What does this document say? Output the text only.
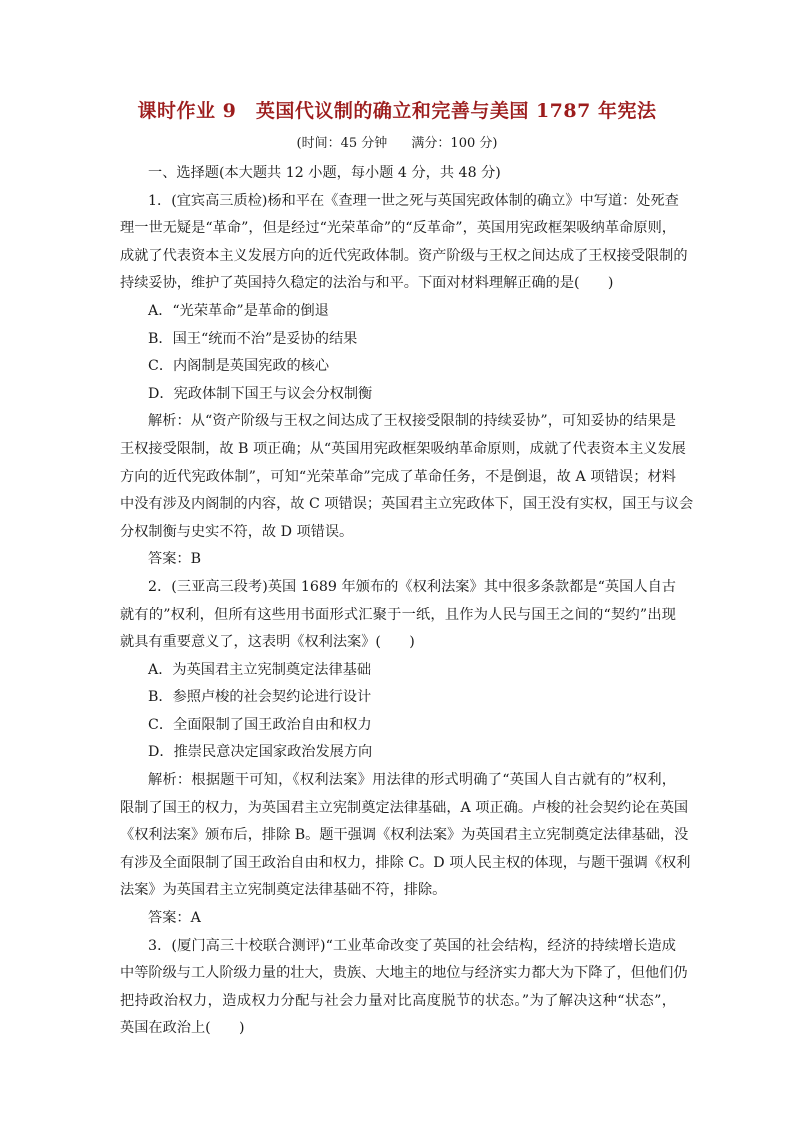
课时作业 9　英国代议制的确立和完善与美国 1787 年宪法
(时间：45 分钟 满分：100 分)

一、选择题(本大题共 12 小题，每小题 4 分，共 48 分)

1．(宜宾高三质检)杨和平在《查理一世之死与英国宪政体制的确立》中写道：处死查
理一世无疑是“革命”，但是经过“光荣革命”的“反革命”，英国用宪政框架吸纳革命原则，
成就了代表资本主义发展方向的近代宪政体制。资产阶级与王权之间达成了王权接受限制的
持续妥协，维护了英国持久稳定的法治与和平。下面对材料理解正确的是(　　)
A．“光荣革命”是革命的倒退
B．国王“统而不治”是妥协的结果
C．内阁制是英国宪政的核心
D．宪政体制下国王与议会分权制衡
解析：从“资产阶级与王权之间达成了王权接受限制的持续妥协”，可知妥协的结果是
王权接受限制，故 B 项正确；从“英国用宪政框架吸纳革命原则，成就了代表资本主义发展
方向的近代宪政体制”，可知“光荣革命”完成了革命任务，不是倒退，故 A 项错误；材料
中没有涉及内阁制的内容，故 C 项错误；英国君主立宪政体下，国王没有实权，国王与议会
分权制衡与史实不符，故 D 项错误。
答案：B
2．(三亚高三段考)英国 1689 年颁布的《权利法案》其中很多条款都是“英国人自古
就有的”权利，但所有这些用书面形式汇聚于一纸，且作为人民与国王之间的“契约”出现
就具有重要意义了，这表明《权利法案》(　　)
A．为英国君主立宪制奠定法律基础
B．参照卢梭的社会契约论进行设计
C．全面限制了国王政治自由和权力
D．推崇民意决定国家政治发展方向
解析：根据题干可知，《权利法案》用法律的形式明确了“英国人自古就有的”权利，
限制了国王的权力，为英国君主立宪制奠定法律基础，A 项正确。卢梭的社会契约论在英国
《权利法案》颁布后，排除 B。题干强调《权利法案》为英国君主立宪制奠定法律基础，没
有涉及全面限制了国王政治自由和权力，排除 C。D 项人民主权的体现，与题干强调《权利
法案》为英国君主立宪制奠定法律基础不符，排除。
答案：A
3．(厦门高三十校联合测评)“工业革命改变了英国的社会结构，经济的持续增长造成
中等阶级与工人阶级力量的壮大，贵族、大地主的地位与经济实力都大为下降了，但他们仍
把持政治权力，造成权力分配与社会力量对比高度脱节的状态。”为了解决这种“状态”，
英国在政治上(　　)
